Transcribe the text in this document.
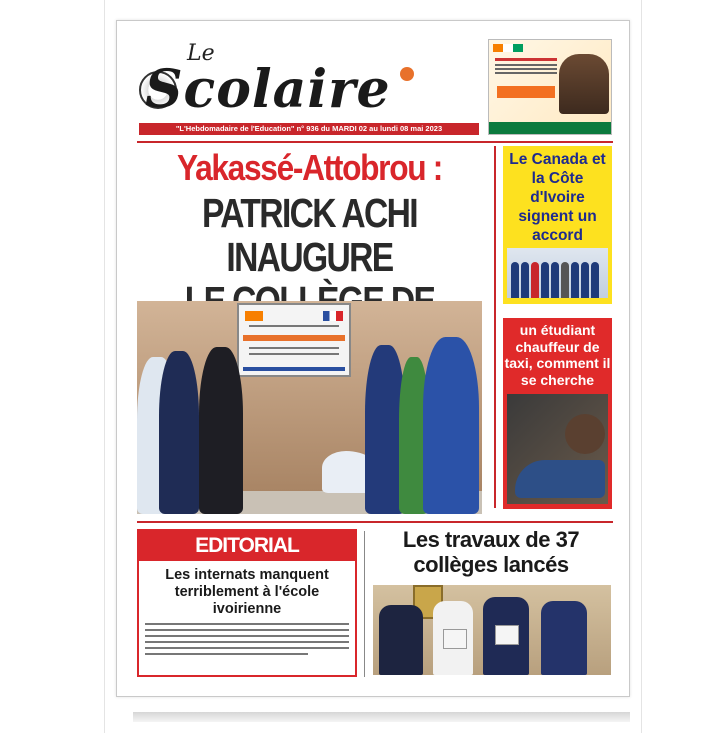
Le
Scolaire
"L'Hebdomadaire de l'Education" n° 936 du MARDI 02 au lundi 08 mai 2023
Yakassé-Attobrou :
PATRICK ACHI INAUGURE
Le Canada et la Côte d'Ivoire signent un accord
un étudiant chauffeur de taxi, comment il se cherche
EDITORIAL
Les internats manquent terriblement à l'école ivoirienne
Les travaux de 37 collèges lancés
